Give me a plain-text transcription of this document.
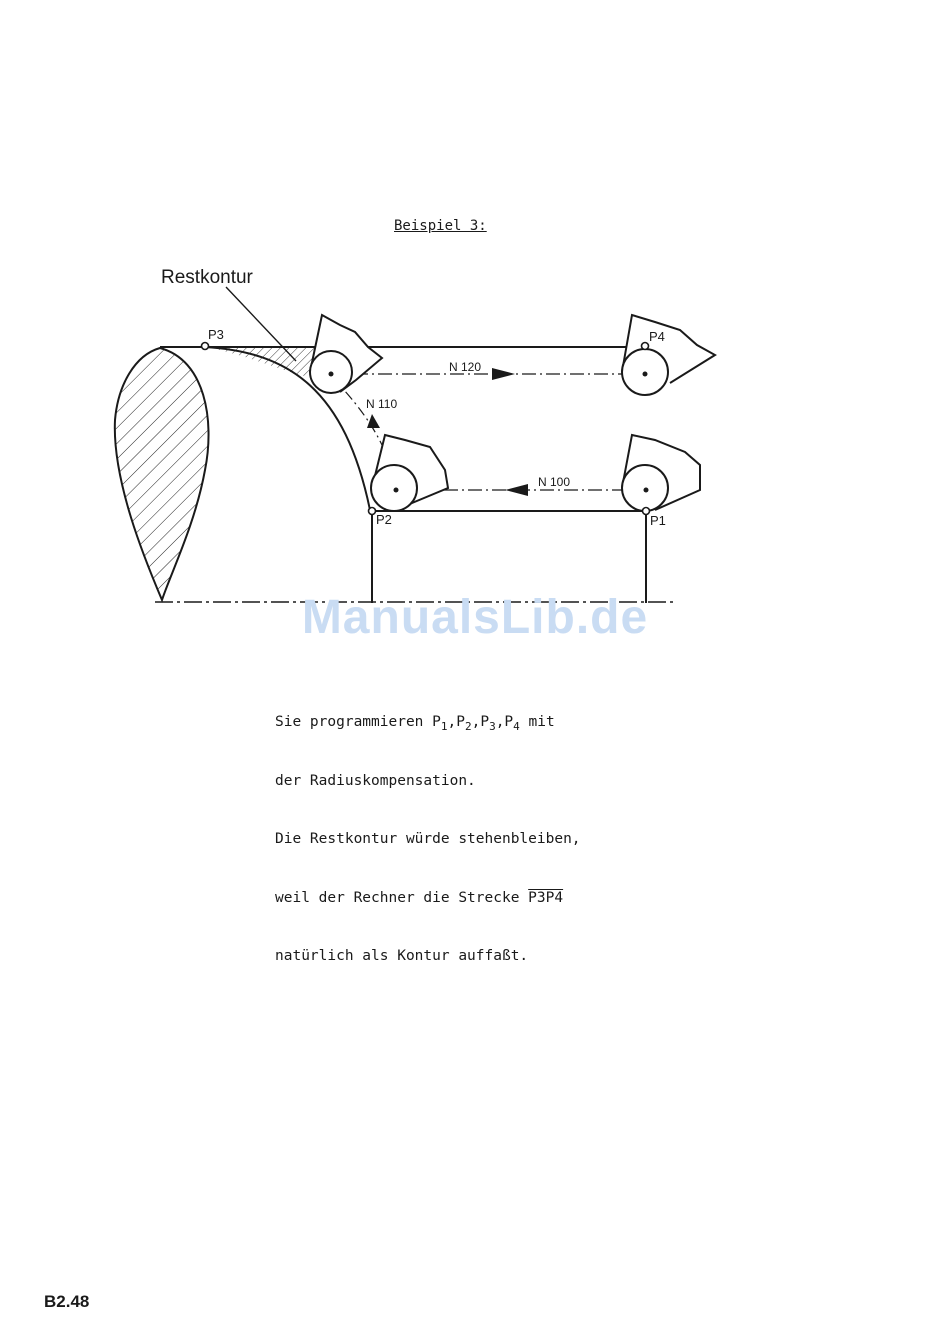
Beispiel 3:
Restkontur
P3	P4
P2	P1
N 120
N 100
N 110
ManualsLib.de

Sie programmieren $P_1,P_2,P_3,P_4$ mit

der Radiuskompensation.

Die Restkontur würde stehenbleiben,

weil der Rechner die Strecke P3P4

natürlich als Kontur auffaßt.

B2.48
